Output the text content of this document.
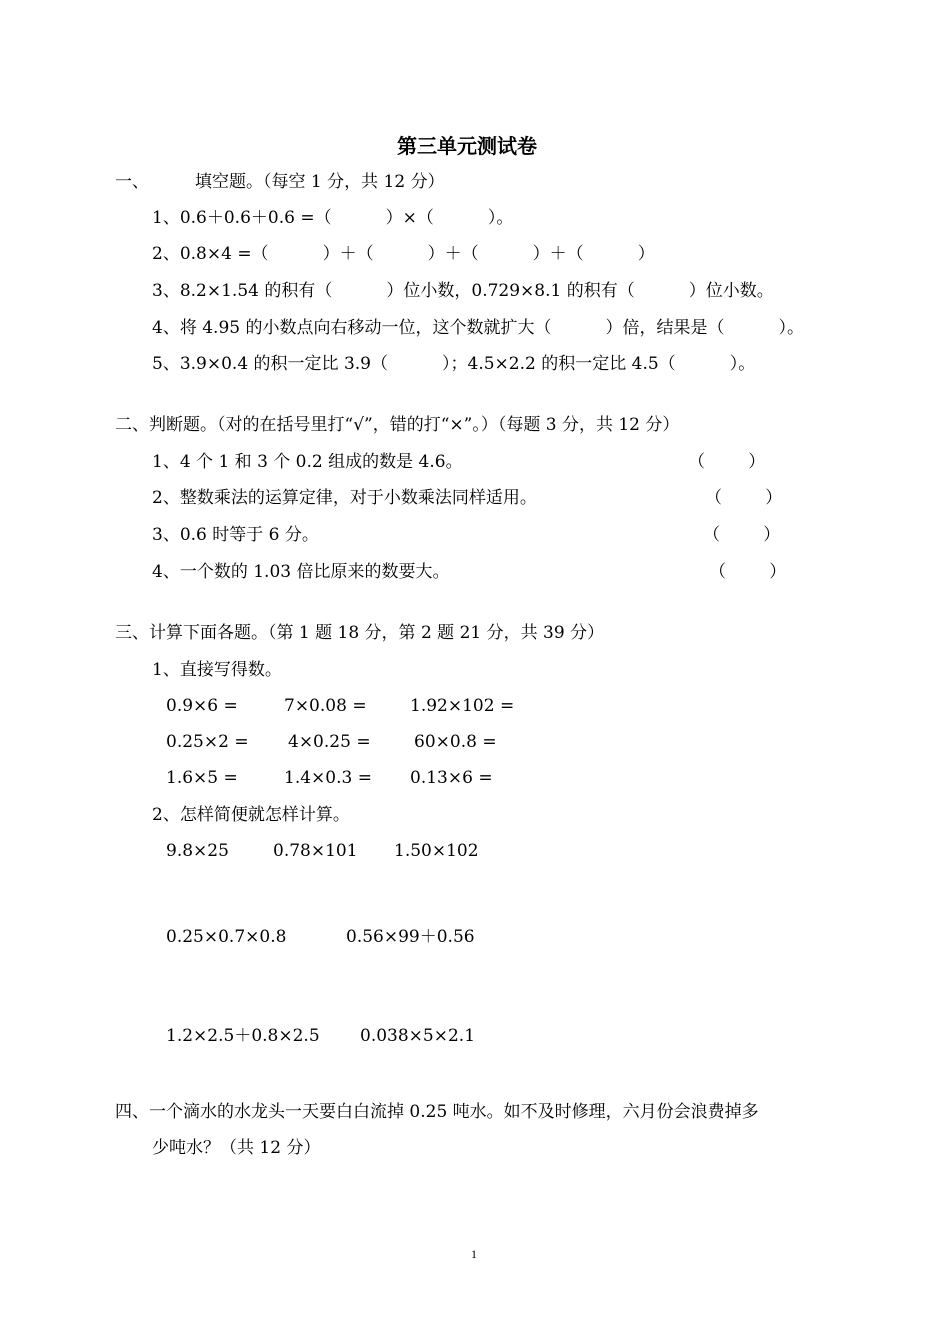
第三单元测试卷
一、	填空题。（每空 1 分，共 12 分）
1、0.6＋0.6＋0.6 =（          ）×（          ）。
2、0.8×4 =（          ）＋（          ）＋（          ）＋（          ）
3、8.2×1.54 的积有（          ）位小数，0.729×8.1 的积有（          ）位小数。
4、将 4.95 的小数点向右移动一位，这个数就扩大（          ）倍，结果是（          ）。
5、3.9×0.4 的积一定比 3.9（          ）；4.5×2.2 的积一定比 4.5（          ）。
二、判断题。（对的在括号里打“√”，错的打“×”。）（每题 3 分，共 12 分）
1、4 个 1 和 3 个 0.2 组成的数是 4.6。	（        ）
2、整数乘法的运算定律，对于小数乘法同样适用。	（        ）
3、0.6 时等于 6 分。	（        ）
4、一个数的 1.03 倍比原来的数要大。	（        ）
三、计算下面各题。（第 1 题 18 分，第 2 题 21 分，共 39 分）
1、直接写得数。
0.9×6 =	7×0.08 =	1.92×102 =
0.25×2 = 4×0.25 =	60×0.8 =
1.6×5 =	1.4×0.3 = 0.13×6 =
2、怎样简便就怎样计算。
9.8×25	0.78×101 1.50×102
0.25×0.7×0.8	0.56×99＋0.56
1.2×2.5＋0.8×2.5 0.038×5×2.1
四、一个滴水的水龙头一天要白白流掉 0.25 吨水。如不及时修理，六月份会浪费掉多
少吨水？（共 12 分）
1
